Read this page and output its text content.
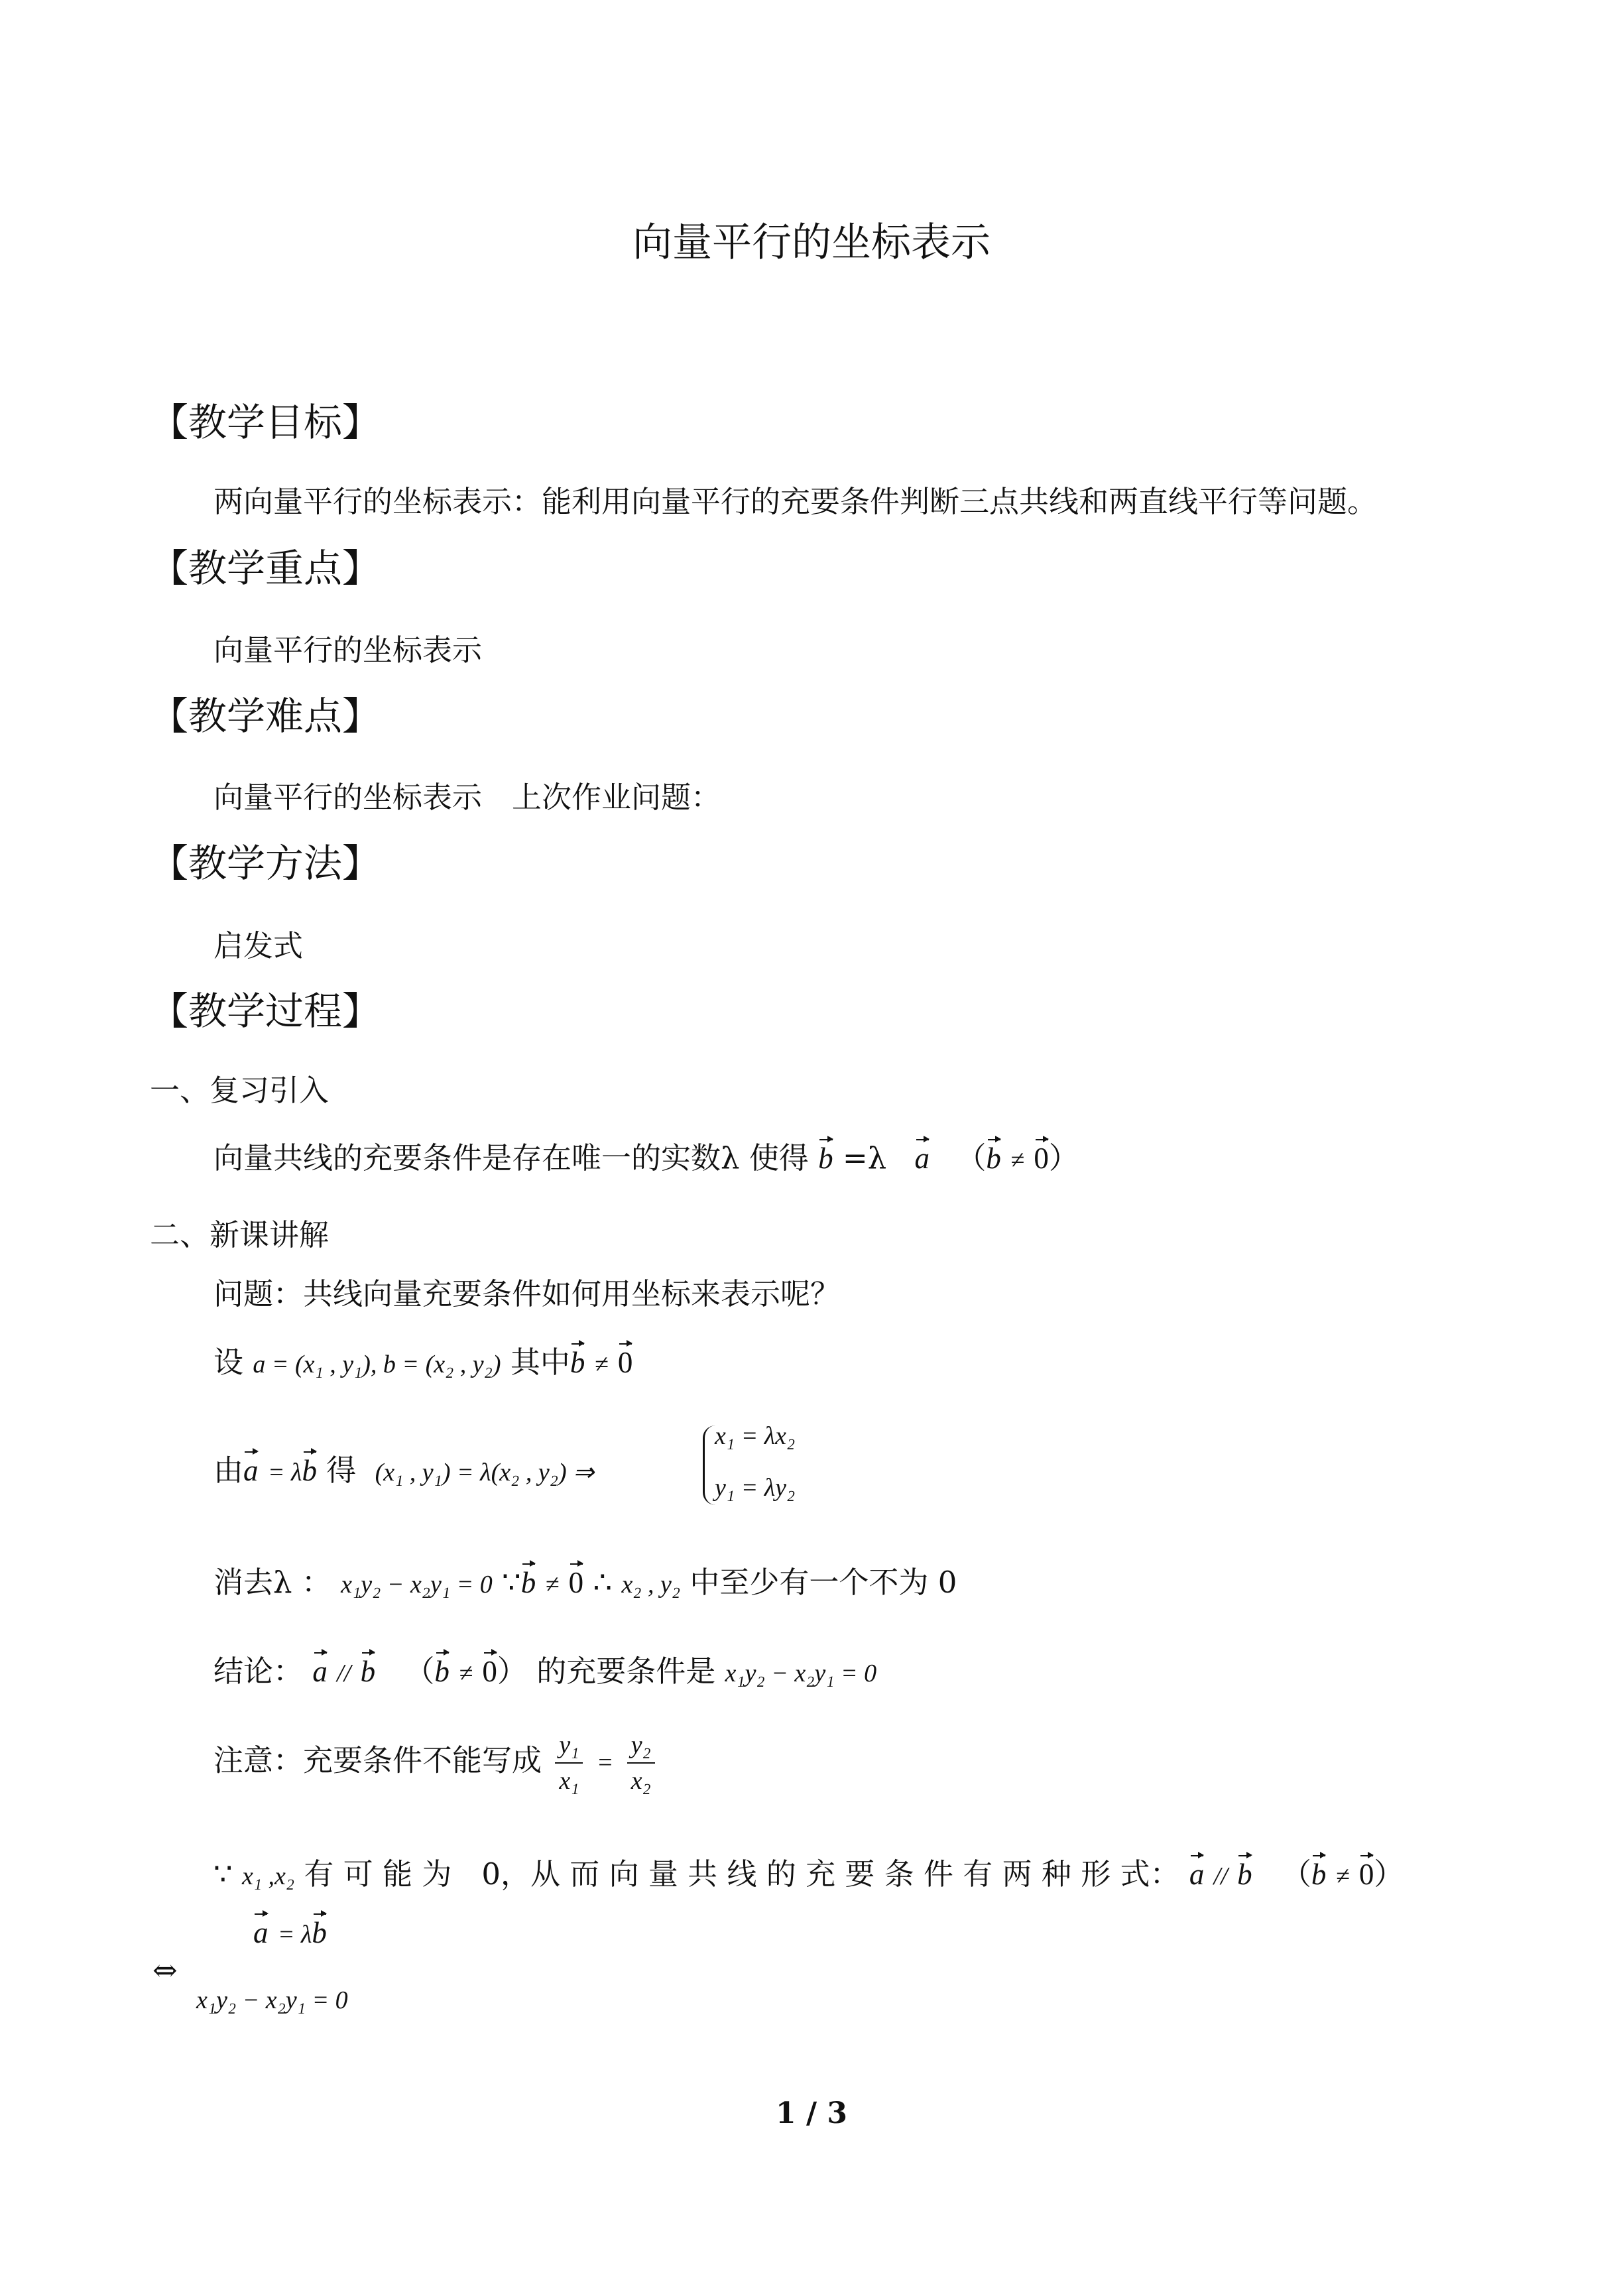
向量平行的坐标表示
【教学目标】
两向量平行的坐标表示：能利用向量平行的充要条件判断三点共线和两直线平行等问题。
【教学重点】
向量平行的坐标表示
【教学难点】
向量平行的坐标表示　上次作业问题：
【教学方法】
启发式
【教学过程】
一、复习引入
向量共线的充要条件是存在唯一的实数λ 使得 b =λ a （b ≠ 0）
二、新课讲解
问题：共线向量充要条件如何用坐标来表示呢？
设 a = (x₁ , y₁), b = (x₂ , y₂) 其中b ≠ 0
由a = λb 得 (x₁ , y₁) = λ(x₂ , y₂) ⇒
x₁ = λx₂
y₁ = λy₂
消去λ ： x₁y₂ − x₂y₁ = 0 ∵b ≠ 0 ∴ x₂ , y₂ 中至少有一个不为 0
结论： a // b （b ≠ 0） 的充要条件是 x₁y₂ − x₂y₁ = 0
注意：充要条件不能写成 $\frac{\text{y₁}}{\text{x₁}} = \frac{\text{y₂}}{\text{x₂}}$
∵ x₁ ,x₂ 有 可 能 为　0，从 而 向 量 共 线 的 充 要 条 件 有 两 种 形 式： a // b （b ≠ 0）
⇔
a = λb
x₁y₂ − x₂y₁ = 0
1 / 3
